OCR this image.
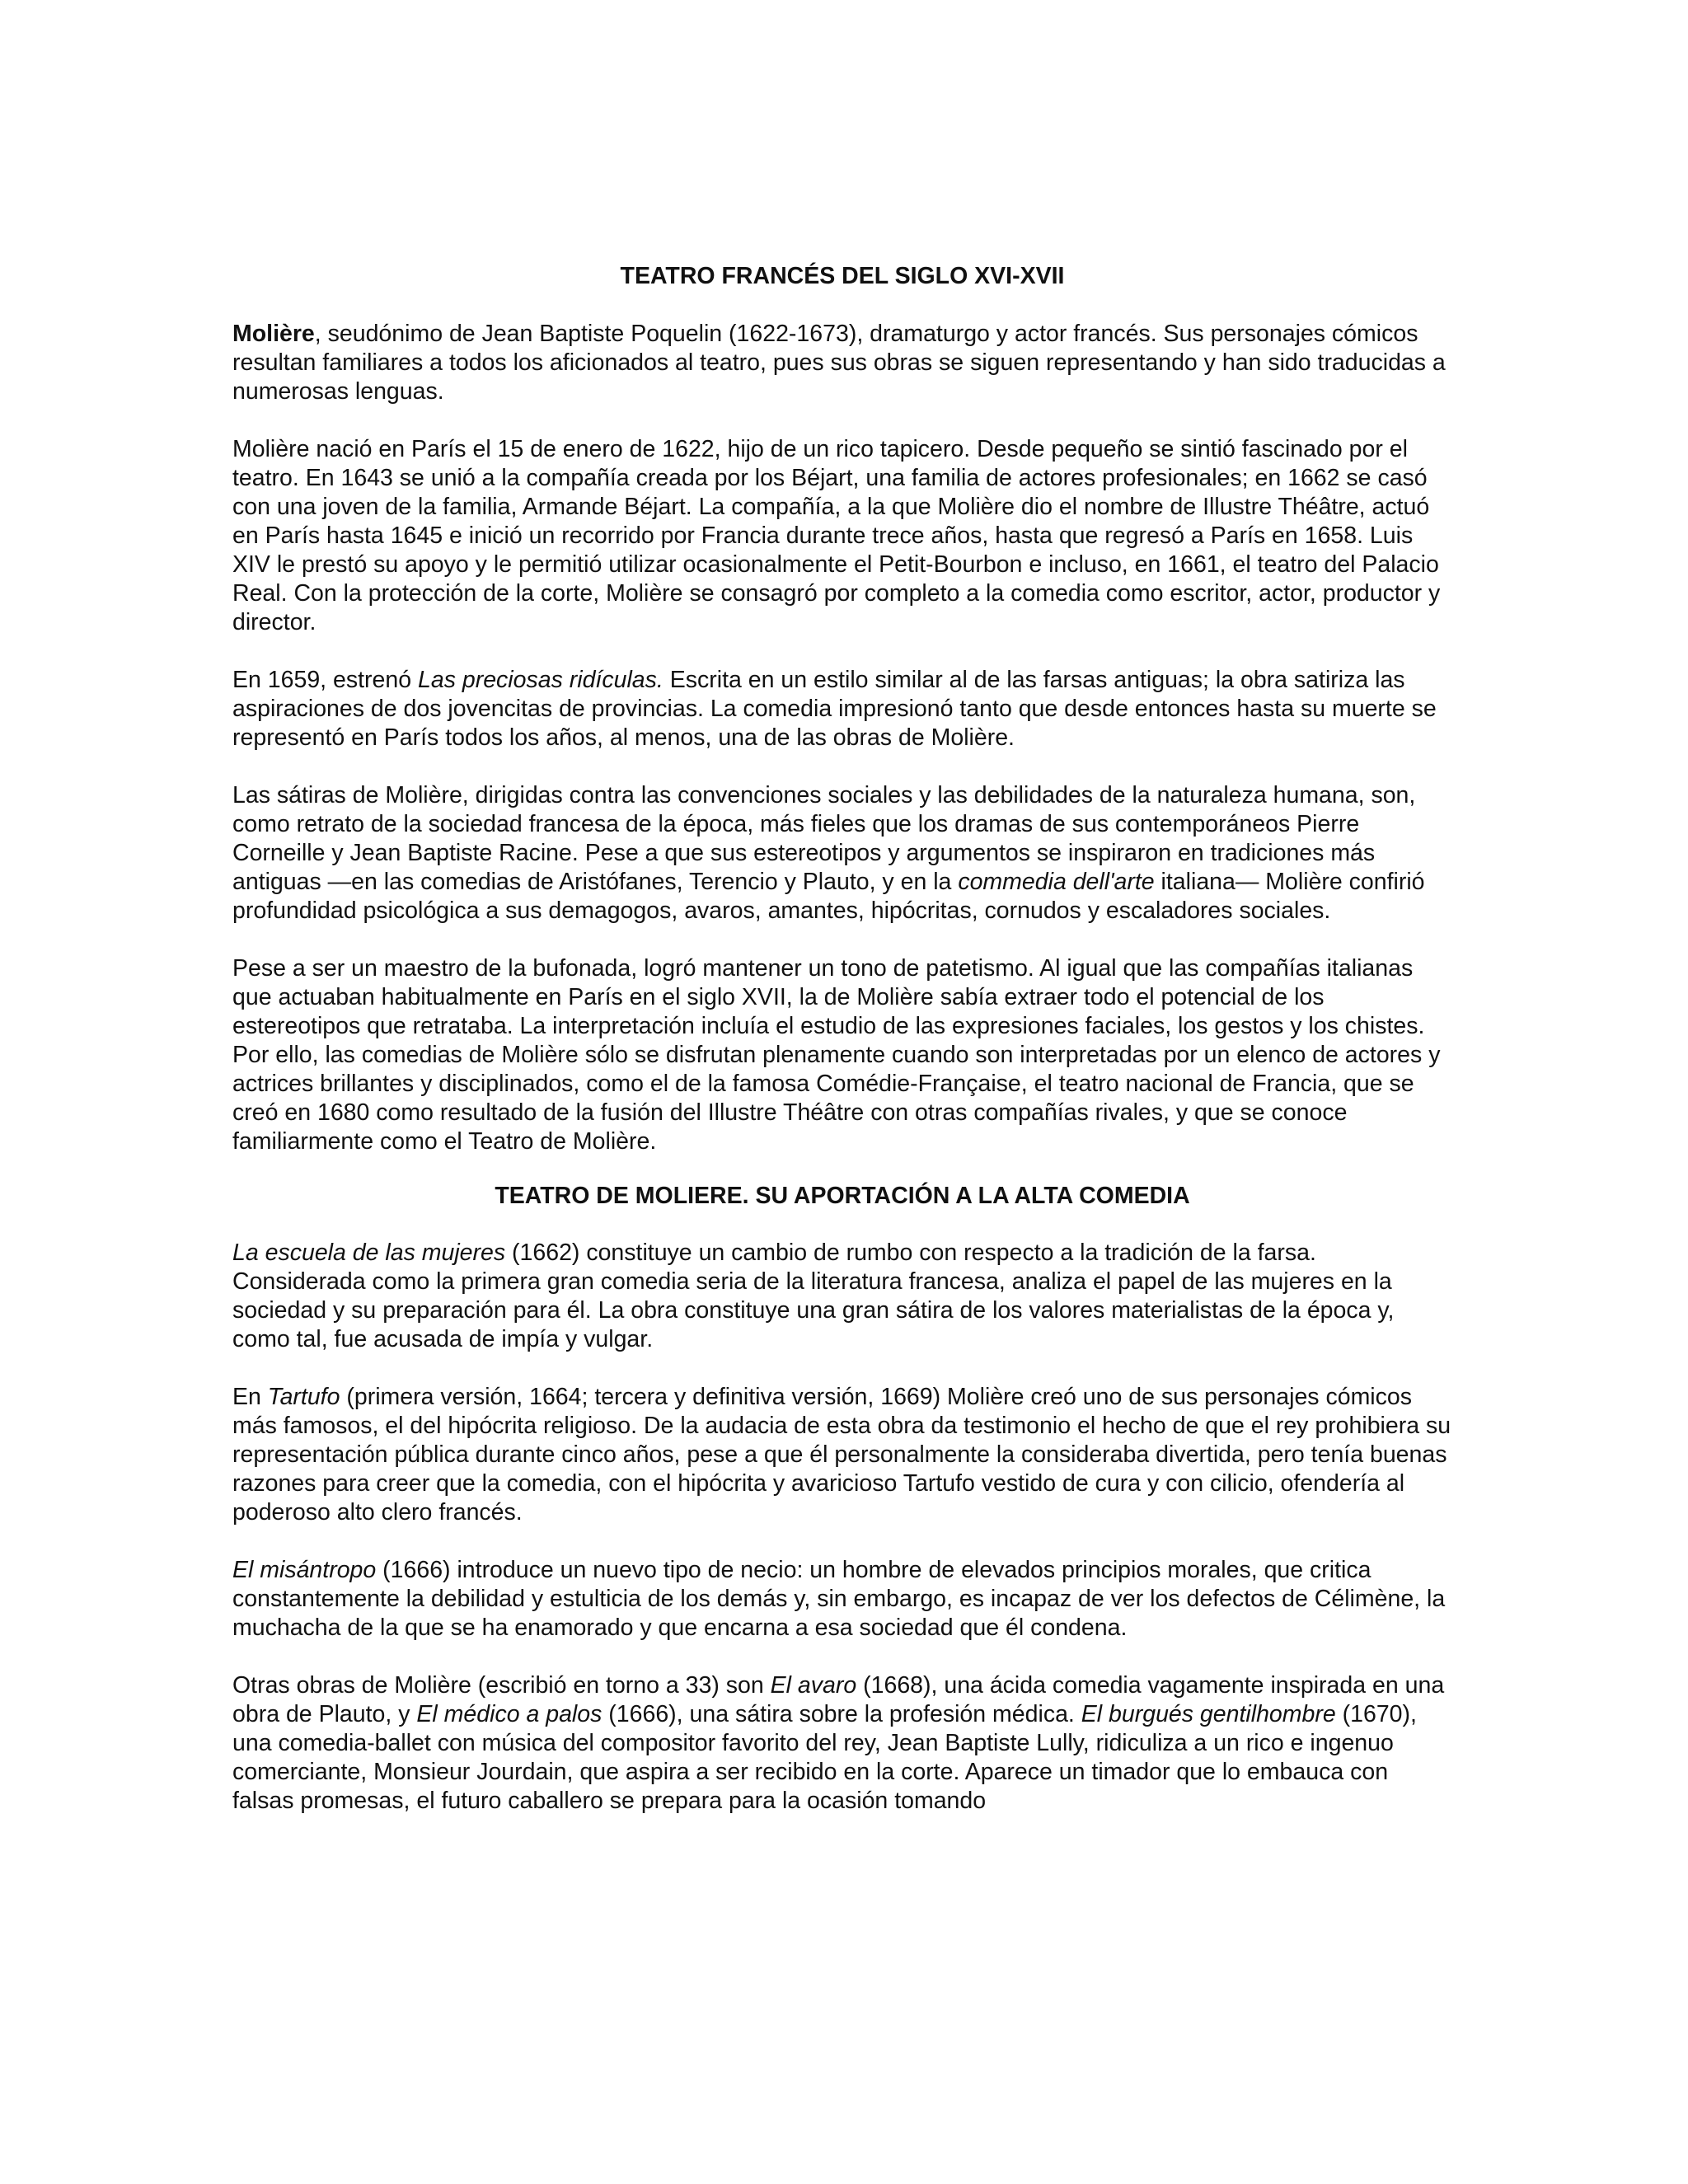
TEATRO FRANCÉS DEL SIGLO XVI-XVII

Molière, seudónimo de Jean Baptiste Poquelin (1622-1673), dramaturgo y actor francés. Sus personajes cómicos resultan familiares a todos los aficionados al teatro, pues sus obras se siguen representando y han sido traducidas a numerosas lenguas.

Molière nació en París el 15 de enero de 1622, hijo de un rico tapicero. Desde pequeño se sintió fascinado por el teatro. En 1643 se unió a la compañía creada por los Béjart, una familia de actores profesionales; en 1662 se casó con una joven de la familia, Armande Béjart. La compañía, a la que Molière dio el nombre de Illustre Théâtre, actuó en París hasta 1645 e inició un recorrido por Francia durante trece años, hasta que regresó a París en 1658. Luis XIV le prestó su apoyo y le permitió utilizar ocasionalmente el Petit-Bourbon e incluso, en 1661, el teatro del Palacio Real. Con la protección de la corte, Molière se consagró por completo a la comedia como escritor, actor, productor y director.

En 1659, estrenó Las preciosas ridículas. Escrita en un estilo similar al de las farsas antiguas; la obra satiriza las aspiraciones de dos jovencitas de provincias. La comedia impresionó tanto que desde entonces hasta su muerte se representó en París todos los años, al menos, una de las obras de Molière.

Las sátiras de Molière, dirigidas contra las convenciones sociales y las debilidades de la naturaleza humana, son, como retrato de la sociedad francesa de la época, más fieles que los dramas de sus contemporáneos Pierre Corneille y Jean Baptiste Racine. Pese a que sus estereotipos y argumentos se inspiraron en tradiciones más antiguas —en las comedias de Aristófanes, Terencio y Plauto, y en la commedia dell'arte italiana— Molière confirió profundidad psicológica a sus demagogos, avaros, amantes, hipócritas, cornudos y escaladores sociales.

Pese a ser un maestro de la bufonada, logró mantener un tono de patetismo. Al igual que las compañías italianas que actuaban habitualmente en París en el siglo XVII, la de Molière sabía extraer todo el potencial de los estereotipos que retrataba. La interpretación incluía el estudio de las expresiones faciales, los gestos y los chistes. Por ello, las comedias de Molière sólo se disfrutan plenamente cuando son interpretadas por un elenco de actores y actrices brillantes y disciplinados, como el de la famosa Comédie-Française, el teatro nacional de Francia, que se creó en 1680 como resultado de la fusión del Illustre Théâtre con otras compañías rivales, y que se conoce familiarmente como el Teatro de Molière.

TEATRO DE MOLIERE. SU APORTACIÓN A LA ALTA COMEDIA

La escuela de las mujeres (1662) constituye un cambio de rumbo con respecto a la tradición de la farsa. Considerada como la primera gran comedia seria de la literatura francesa, analiza el papel de las mujeres en la sociedad y su preparación para él. La obra constituye una gran sátira de los valores materialistas de la época y, como tal, fue acusada de impía y vulgar.

En Tartufo (primera versión, 1664; tercera y definitiva versión, 1669) Molière creó uno de sus personajes cómicos más famosos, el del hipócrita religioso. De la audacia de esta obra da testimonio el hecho de que el rey prohibiera su representación pública durante cinco años, pese a que él personalmente la consideraba divertida, pero tenía buenas razones para creer que la comedia, con el hipócrita y avaricioso Tartufo vestido de cura y con cilicio, ofendería al poderoso alto clero francés.

El misántropo (1666) introduce un nuevo tipo de necio: un hombre de elevados principios morales, que critica constantemente la debilidad y estulticia de los demás y, sin embargo, es incapaz de ver los defectos de Célimène, la muchacha de la que se ha enamorado y que encarna a esa sociedad que él condena.

Otras obras de Molière (escribió en torno a 33) son El avaro (1668), una ácida comedia vagamente inspirada en una obra de Plauto, y El médico a palos (1666), una sátira sobre la profesión médica. El burgués gentilhombre (1670), una comedia-ballet con música del compositor favorito del rey, Jean Baptiste Lully, ridiculiza a un rico e ingenuo comerciante, Monsieur Jourdain, que aspira a ser recibido en la corte. Aparece un timador que lo embauca con falsas promesas, el futuro caballero se prepara para la ocasión tomando
